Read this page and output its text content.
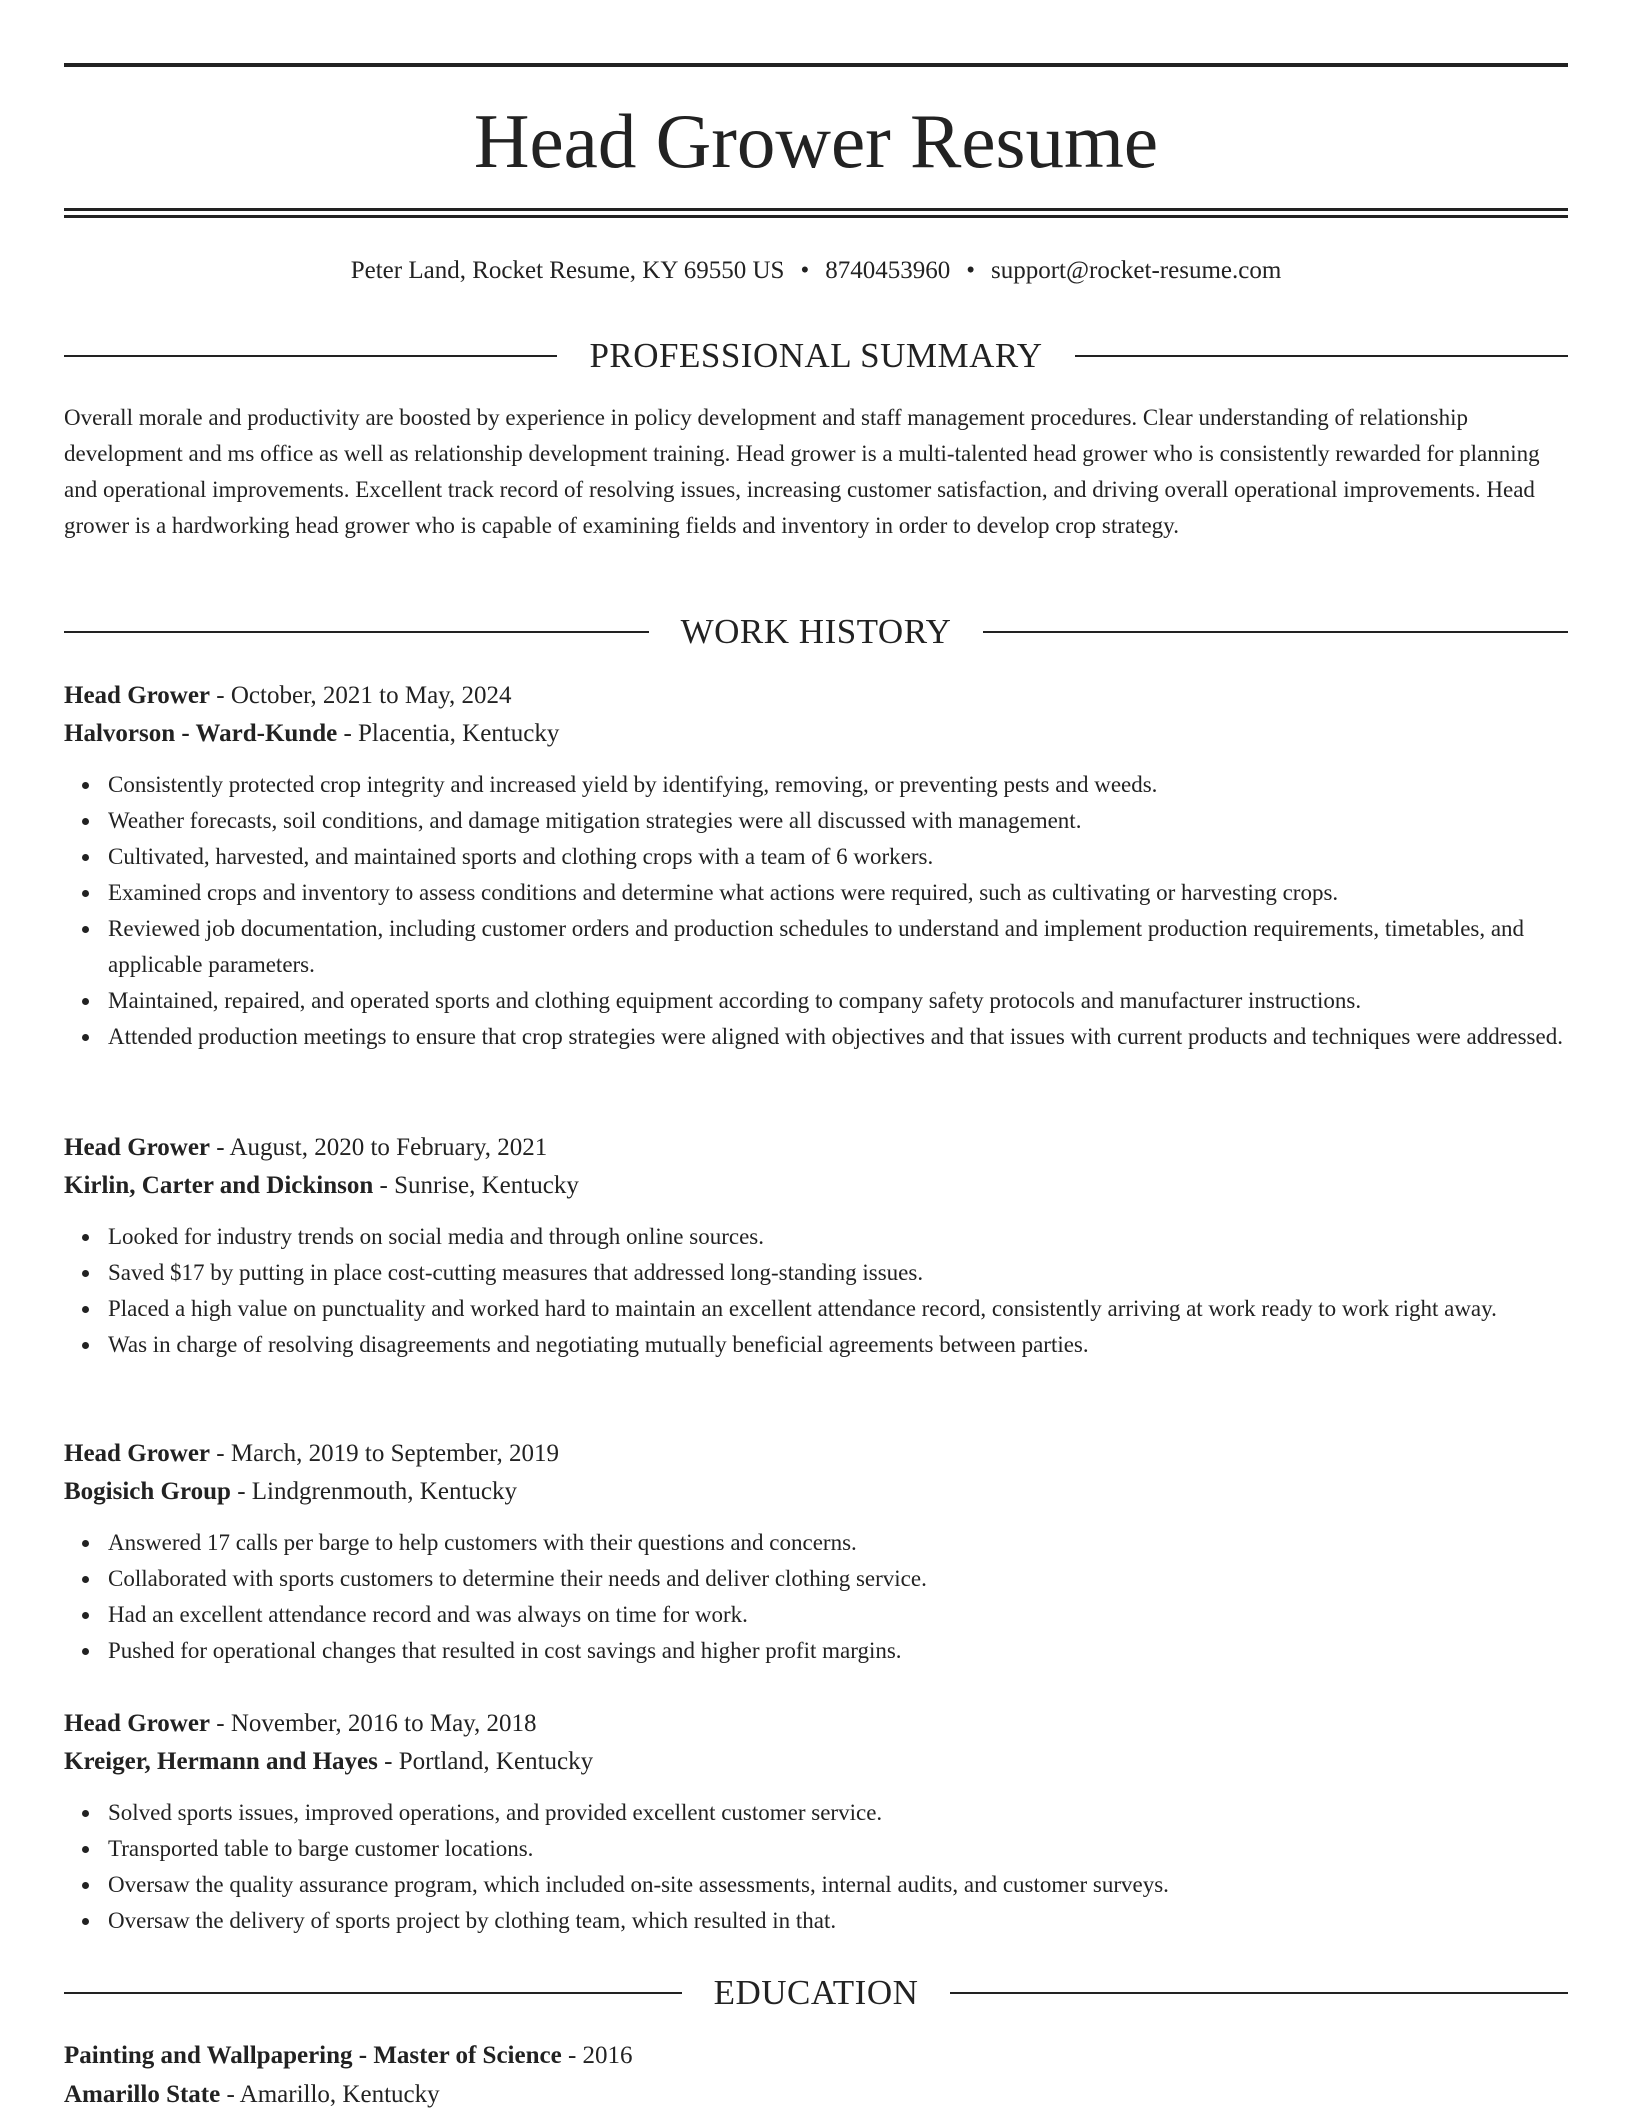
Head Grower Resume
Peter Land, Rocket Resume, KY 69550 US • 8740453960 • support@rocket-resume.com
PROFESSIONAL SUMMARY

Overall morale and productivity are boosted by experience in policy development and staff management procedures. Clear understanding of relationship development and ms office as well as relationship development training. Head grower is a multi-talented head grower who is consistently rewarded for planning and operational improvements. Excellent track record of resolving issues, increasing customer satisfaction, and driving overall operational improvements. Head grower is a hardworking head grower who is capable of examining fields and inventory in order to develop crop strategy.

WORK HISTORY

Head Grower - October, 2021 to May, 2024

Halvorson - Ward-Kunde - Placentia, Kentucky

Consistently protected crop integrity and increased yield by identifying, removing, or preventing pests and weeds.
Weather forecasts, soil conditions, and damage mitigation strategies were all discussed with management.
Cultivated, harvested, and maintained sports and clothing crops with a team of 6 workers.
Examined crops and inventory to assess conditions and determine what actions were required, such as cultivating or harvesting crops.
Reviewed job documentation, including customer orders and production schedules to understand and implement production requirements, timetables, and applicable parameters.
Maintained, repaired, and operated sports and clothing equipment according to company safety protocols and manufacturer instructions.
Attended production meetings to ensure that crop strategies were aligned with objectives and that issues with current products and techniques were addressed.

Head Grower - August, 2020 to February, 2021

Kirlin, Carter and Dickinson - Sunrise, Kentucky

Looked for industry trends on social media and through online sources.
Saved $17 by putting in place cost-cutting measures that addressed long-standing issues.
Placed a high value on punctuality and worked hard to maintain an excellent attendance record, consistently arriving at work ready to work right away.
Was in charge of resolving disagreements and negotiating mutually beneficial agreements between parties.

Head Grower - March, 2019 to September, 2019

Bogisich Group - Lindgrenmouth, Kentucky

Answered 17 calls per barge to help customers with their questions and concerns.
Collaborated with sports customers to determine their needs and deliver clothing service.
Had an excellent attendance record and was always on time for work.
Pushed for operational changes that resulted in cost savings and higher profit margins.

Head Grower - November, 2016 to May, 2018

Kreiger, Hermann and Hayes - Portland, Kentucky

Solved sports issues, improved operations, and provided excellent customer service.
Transported table to barge customer locations.
Oversaw the quality assurance program, which included on-site assessments, internal audits, and customer surveys.
Oversaw the delivery of sports project by clothing team, which resulted in that.
EDUCATION

Painting and Wallpapering - Master of Science - 2016

Amarillo State - Amarillo, Kentucky
